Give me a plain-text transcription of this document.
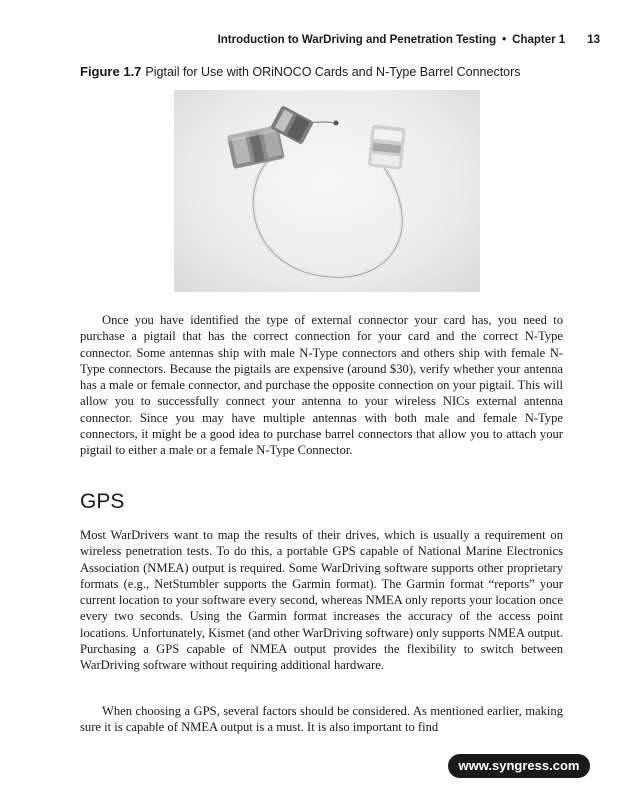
Introduction to WarDriving and Penetration Testing • Chapter 1 13
Figure 1.7 Pigtail for Use with ORiNOCO Cards and N-Type Barrel Connectors

Once you have identified the type of external connector your card has, you need to purchase a pigtail that has the correct connection for your card and the correct N-Type connector. Some antennas ship with male N-Type connectors and others ship with female N-Type connectors. Because the pigtails are expensive (around $30), verify whether your antenna has a male or female connector, and purchase the opposite connection on your pigtail. This will allow you to successfully connect your antenna to your wireless NICs external antenna connector. Since you may have multiple antennas with both male and female N-Type connectors, it might be a good idea to purchase barrel connectors that allow you to attach your pigtail to either a male or a female N-Type Connector.

GPS

Most WarDrivers want to map the results of their drives, which is usually a requirement on wireless penetration tests. To do this, a portable GPS capable of National Marine Electronics Association (NMEA) output is required. Some WarDriving software supports other proprietary formats (e.g., NetStumbler supports the Garmin format). The Garmin format “reports” your current location to your software every second, whereas NMEA only reports your location once every two seconds. Using the Garmin format increases the accuracy of the access point locations. Unfortunately, Kismet (and other WarDriving software) only supports NMEA output. Purchasing a GPS capable of NMEA output provides the flexibility to switch between WarDriving software without requiring additional hardware.

When choosing a GPS, several factors should be considered. As mentioned earlier, making sure it is capable of NMEA output is a must. It is also important to find

www.syngress.com
